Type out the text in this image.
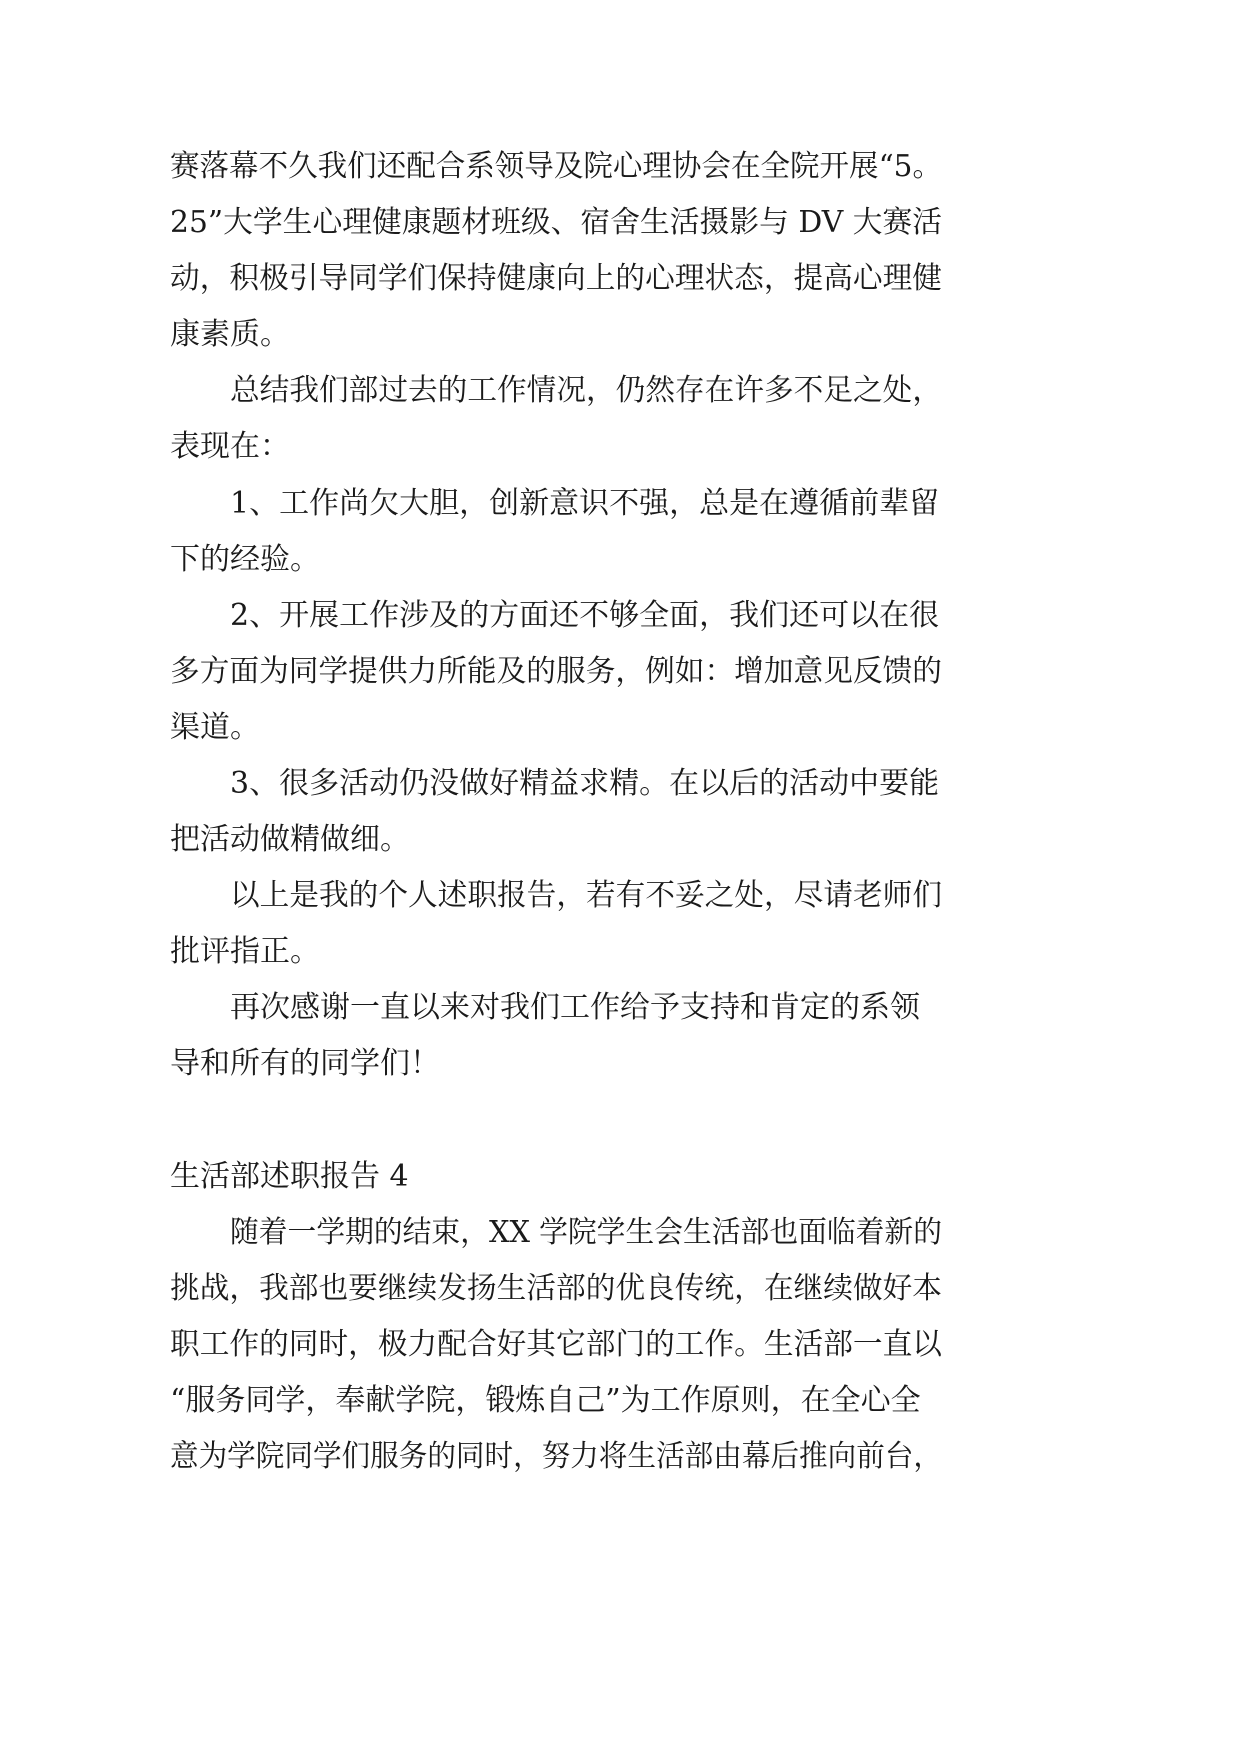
赛落幕不久我们还配合系领导及院心理协会在全院开展“5。
25”大学生心理健康题材班级、宿舍生活摄影与 DV 大赛活
动，积极引导同学们保持健康向上的心理状态，提高心理健
康素质。
总结我们部过去的工作情况，仍然存在许多不足之处，
表现在：
1、工作尚欠大胆，创新意识不强，总是在遵循前辈留
下的经验。
2、开展工作涉及的方面还不够全面，我们还可以在很
多方面为同学提供力所能及的服务，例如：增加意见反馈的
渠道。
3、很多活动仍没做好精益求精。在以后的活动中要能
把活动做精做细。
以上是我的个人述职报告，若有不妥之处，尽请老师们
批评指正。
再次感谢一直以来对我们工作给予支持和肯定的系领
导和所有的同学们！
生活部述职报告 4
随着一学期的结束，XX 学院学生会生活部也面临着新的
挑战，我部也要继续发扬生活部的优良传统，在继续做好本
职工作的同时，极力配合好其它部门的工作。生活部一直以
“服务同学，奉献学院，锻炼自己”为工作原则，在全心全
意为学院同学们服务的同时，努力将生活部由幕后推向前台，
